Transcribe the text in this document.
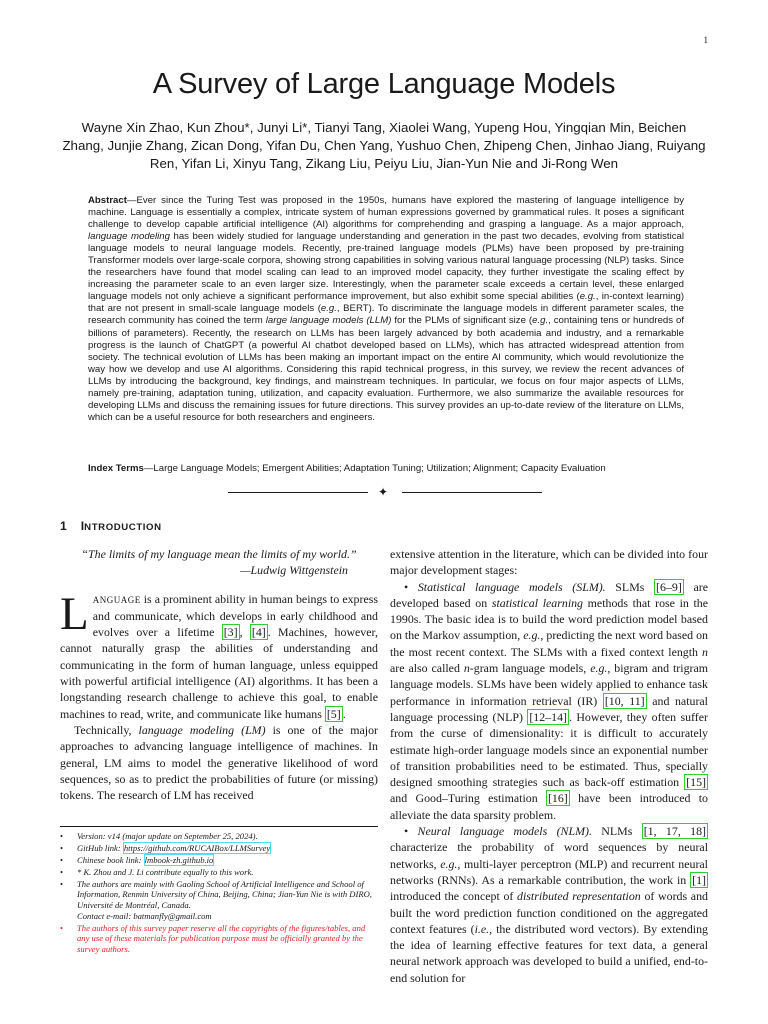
1
A Survey of Large Language Models
Wayne Xin Zhao, Kun Zhou*, Junyi Li*, Tianyi Tang, Xiaolei Wang, Yupeng Hou, Yingqian Min, Beichen Zhang, Junjie Zhang, Zican Dong, Yifan Du, Chen Yang, Yushuo Chen, Zhipeng Chen, Jinhao Jiang, Ruiyang Ren, Yifan Li, Xinyu Tang, Zikang Liu, Peiyu Liu, Jian-Yun Nie and Ji-Rong Wen
Abstract—Ever since the Turing Test was proposed in the 1950s, humans have explored the mastering of language intelligence by machine. Language is essentially a complex, intricate system of human expressions governed by grammatical rules. It poses a significant challenge to develop capable artificial intelligence (AI) algorithms for comprehending and grasping a language. As a major approach, language modeling has been widely studied for language understanding and generation in the past two decades, evolving from statistical language models to neural language models. Recently, pre-trained language models (PLMs) have been proposed by pre-training Transformer models over large-scale corpora, showing strong capabilities in solving various natural language processing (NLP) tasks. Since the researchers have found that model scaling can lead to an improved model capacity, they further investigate the scaling effect by increasing the parameter scale to an even larger size. Interestingly, when the parameter scale exceeds a certain level, these enlarged language models not only achieve a significant performance improvement, but also exhibit some special abilities (e.g., in-context learning) that are not present in small-scale language models (e.g., BERT). To discriminate the language models in different parameter scales, the research community has coined the term large language models (LLM) for the PLMs of significant size (e.g., containing tens or hundreds of billions of parameters). Recently, the research on LLMs has been largely advanced by both academia and industry, and a remarkable progress is the launch of ChatGPT (a powerful AI chatbot developed based on LLMs), which has attracted widespread attention from society. The technical evolution of LLMs has been making an important impact on the entire AI community, which would revolutionize the way how we develop and use AI algorithms. Considering this rapid technical progress, in this survey, we review the recent advances of LLMs by introducing the background, key findings, and mainstream techniques. In particular, we focus on four major aspects of LLMs, namely pre-training, adaptation tuning, utilization, and capacity evaluation. Furthermore, we also summarize the available resources for developing LLMs and discuss the remaining issues for future directions. This survey provides an up-to-date review of the literature on LLMs, which can be a useful resource for both researchers and engineers.
Index Terms—Large Language Models; Emergent Abilities; Adaptation Tuning; Utilization; Alignment; Capacity Evaluation
✦
1 INTRODUCTION
“The limits of my language mean the limits of my world.”
—Ludwig Wittgenstein
LANGUAGE is a prominent ability in human beings to express and communicate, which develops in early childhood and evolves over a lifetime [3] , [4] . Machines, however, cannot naturally grasp the abilities of understanding and communicating in the form of human language, unless equipped with powerful artificial intelligence (AI) algorithms. It has been a longstanding research challenge to achieve this goal, to enable machines to read, write, and communicate like humans [5] .
Technically, language modeling (LM) is one of the major approaches to advancing language intelligence of machines. In general, LM aims to model the generative likelihood of word sequences, so as to predict the probabilities of future (or missing) tokens. The research of LM has received
• Version: v14 (major update on September 25, 2024).
• GitHub link: https://github.com/RUCAIBox/LLMSurvey
• Chinese book link: lmbook-zh.github.io
• * K. Zhou and J. Li contribute equally to this work.
• The authors are mainly with Gaoling School of Artificial Intelligence and School of Information, Renmin University of China, Beijing, China; Jian-Yun Nie is with DIRO, Université de Montréal, Canada.
Contact e-mail: batmanfly@gmail.com
• The authors of this survey paper reserve all the copyrights of the figures/tables, and any use of these materials for publication purpose must be officially granted by the survey authors.
extensive attention in the literature, which can be divided into four major development stages:
• Statistical language models (SLM). SLMs [6–9] are developed based on statistical learning methods that rose in the 1990s. The basic idea is to build the word prediction model based on the Markov assumption, e.g., predicting the next word based on the most recent context. The SLMs with a fixed context length n are also called n-gram language models, e.g., bigram and trigram language models. SLMs have been widely applied to enhance task performance in information retrieval (IR) [10, 11] and natural language processing (NLP) [12–14] . However, they often suffer from the curse of dimensionality: it is difficult to accurately estimate high-order language models since an exponential number of transition probabilities need to be estimated. Thus, specially designed smoothing strategies such as back-off estimation [15] and Good–Turing estimation [16] have been introduced to alleviate the data sparsity problem.
• Neural language models (NLM). NLMs [1, 17, 18] characterize the probability of word sequences by neural networks, e.g., multi-layer perceptron (MLP) and recurrent neural networks (RNNs). As a remarkable contribution, the work in [1] introduced the concept of distributed representation of words and built the word prediction function conditioned on the aggregated context features (i.e., the distributed word vectors). By extending the idea of learning effective features for text data, a general neural network approach was developed to build a unified, end-to-end solution for
